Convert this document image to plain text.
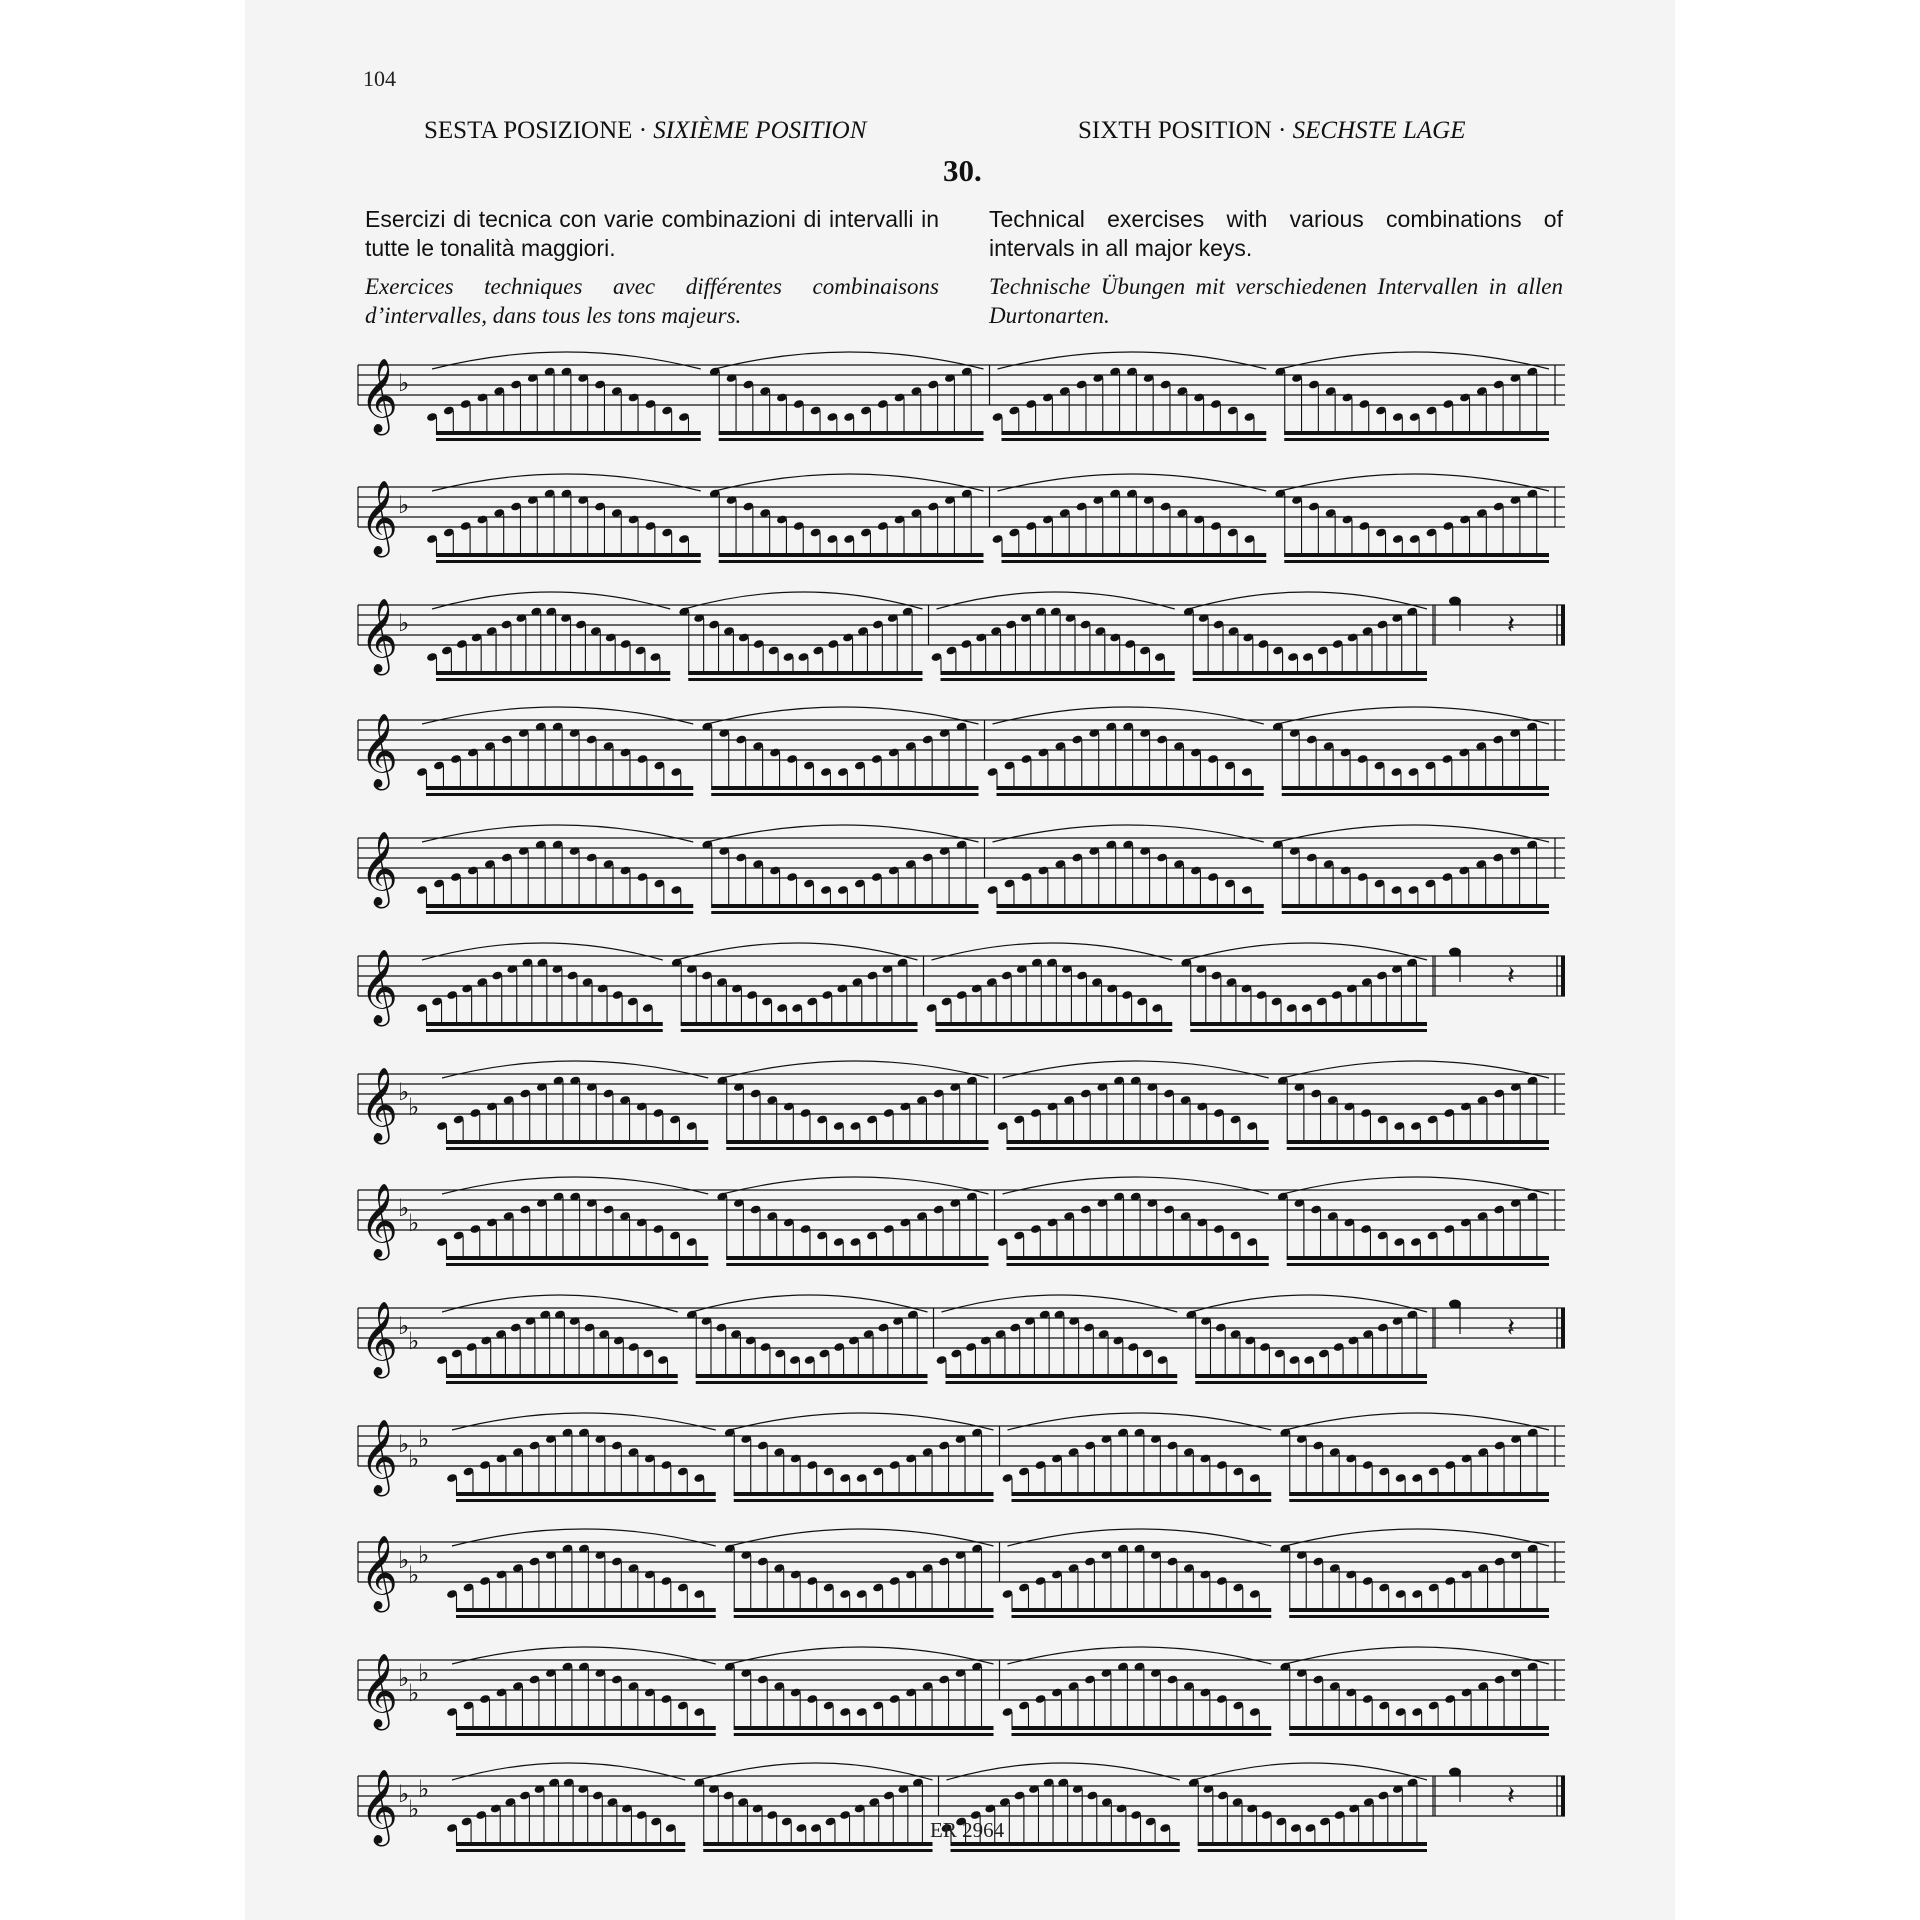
104
SESTA POSIZIONE · SIXIÈME POSITION	SIXTH POSITION · SECHSTE LAGE
30.
Esercizi di tecnica con varie combinazioni di intervalli in tutte le tonalità maggiori.
Exercices techniques avec différentes combinaisons d’intervalles, dans tous les tons majeurs.
Technical exercises with various combinations of intervals in all major keys.
Technische Übungen mit verschiedenen Intervallen in allen Durtonarten.
𝄞 ♭
𝄞 ♭
𝄞 ♭	𝄽
𝄞
𝄞
𝄞	𝄽
𝄞 ♭
♭
𝄞 ♭
♭
𝄞 ♭
♭	𝄽
𝄞 ♭
♭
♭
𝄞 ♭
♭
♭
𝄞 ♭
♭
♭
𝄞 ♭
♭
♭	𝄽
ER 2964
